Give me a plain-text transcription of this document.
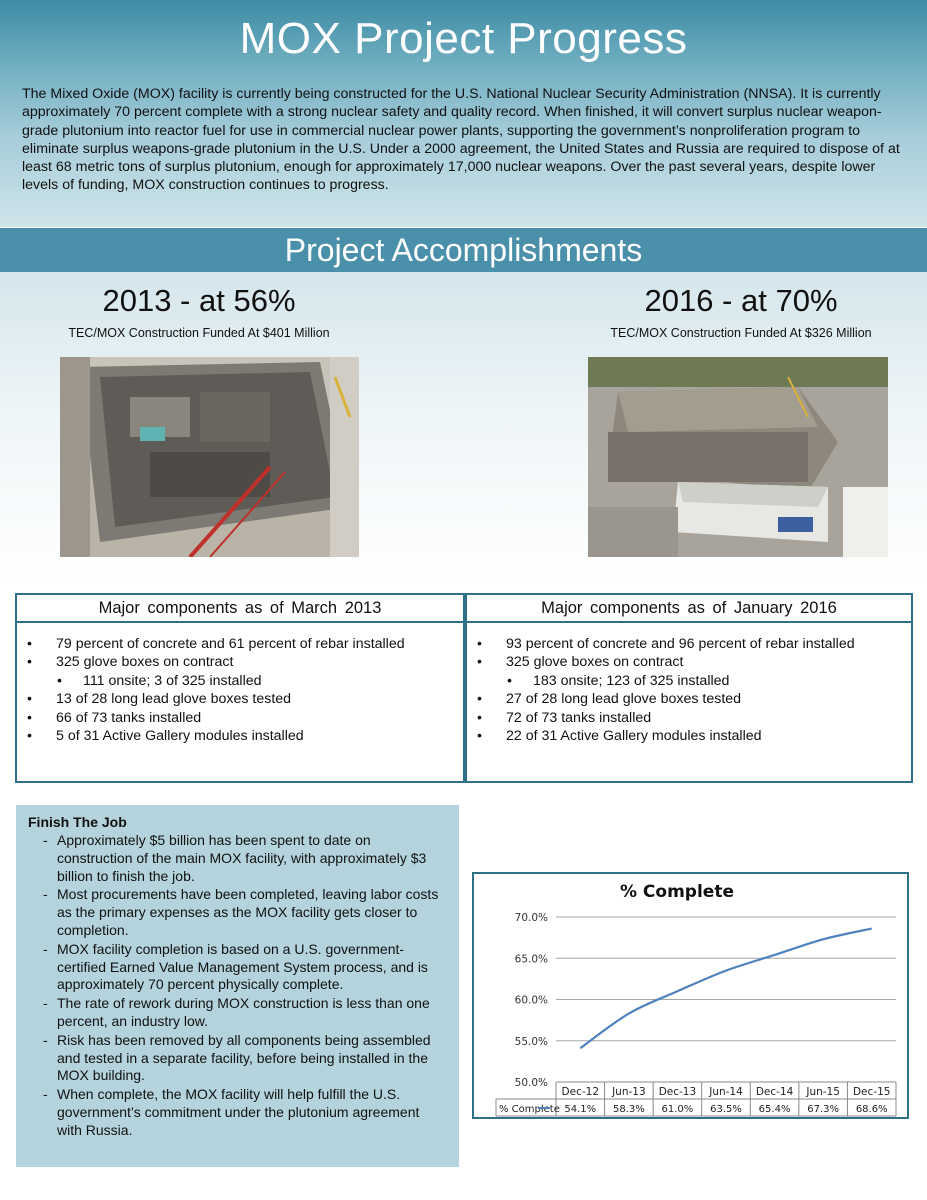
MOX Project Progress

The Mixed Oxide (MOX) facility is currently being constructed for the U.S. National Nuclear Security Administration (NNSA). It is currently approximately 70 percent complete with a strong nuclear safety and quality record. When finished, it will convert surplus nuclear weapon-grade plutonium into reactor fuel for use in commercial nuclear power plants, supporting the government’s nonproliferation program to eliminate surplus weapons-grade plutonium in the U.S. Under a 2000 agreement, the United States and Russia are required to dispose of at least 68 metric tons of surplus plutonium, enough for approximately 17,000 nuclear weapons. Over the past several years, despite lower levels of funding, MOX construction continues to progress.

Project Accomplishments
2013 - at 56%
TEC/MOX Construction Funded At $401 Million
2016 - at 70%
TEC/MOX Construction Funded At $326 Million
Major components as of March 2013
• 79 percent of concrete and 61 percent of rebar installed
• 325 glove boxes on contract
• 111 onsite; 3 of 325 installed
• 13 of 28 long lead glove boxes tested
• 66 of 73 tanks installed
• 5 of 31 Active Gallery modules installed
Major components as of January 2016
• 93 percent of concrete and 96 percent of rebar installed
• 325 glove boxes on contract
• 183 onsite; 123 of 325 installed
• 27 of 28 long lead glove boxes tested
• 72 of 73 tanks installed
• 22 of 31 Active Gallery modules installed
Finish The Job
- Approximately $5 billion has been spent to date on construction of the main MOX facility, with approximately $3 billion to finish the job.
- Most procurements have been completed, leaving labor costs as the primary expenses as the MOX facility gets closer to completion.
- MOX facility completion is based on a U.S. government-certified Earned Value Management System process, and is approximately 70 percent physically complete.
- The rate of rework during MOX construction is less than one percent, an industry low.
- Risk has been removed by all components being assembled and tested in a separate facility, before being installed in the MOX building.
- When complete, the MOX facility will help fulfill the U.S. government’s commitment under the plutonium agreement with Russia.
% Complete
50.0%
55.0%
60.0%
65.0%
70.0%
Dec-12
54.1%
Jun-13
58.3%
Dec-13
61.0%
Jun-14
63.5%
Dec-14
65.4%
Jun-15
67.3%
Dec-15
68.6%
% Complete
